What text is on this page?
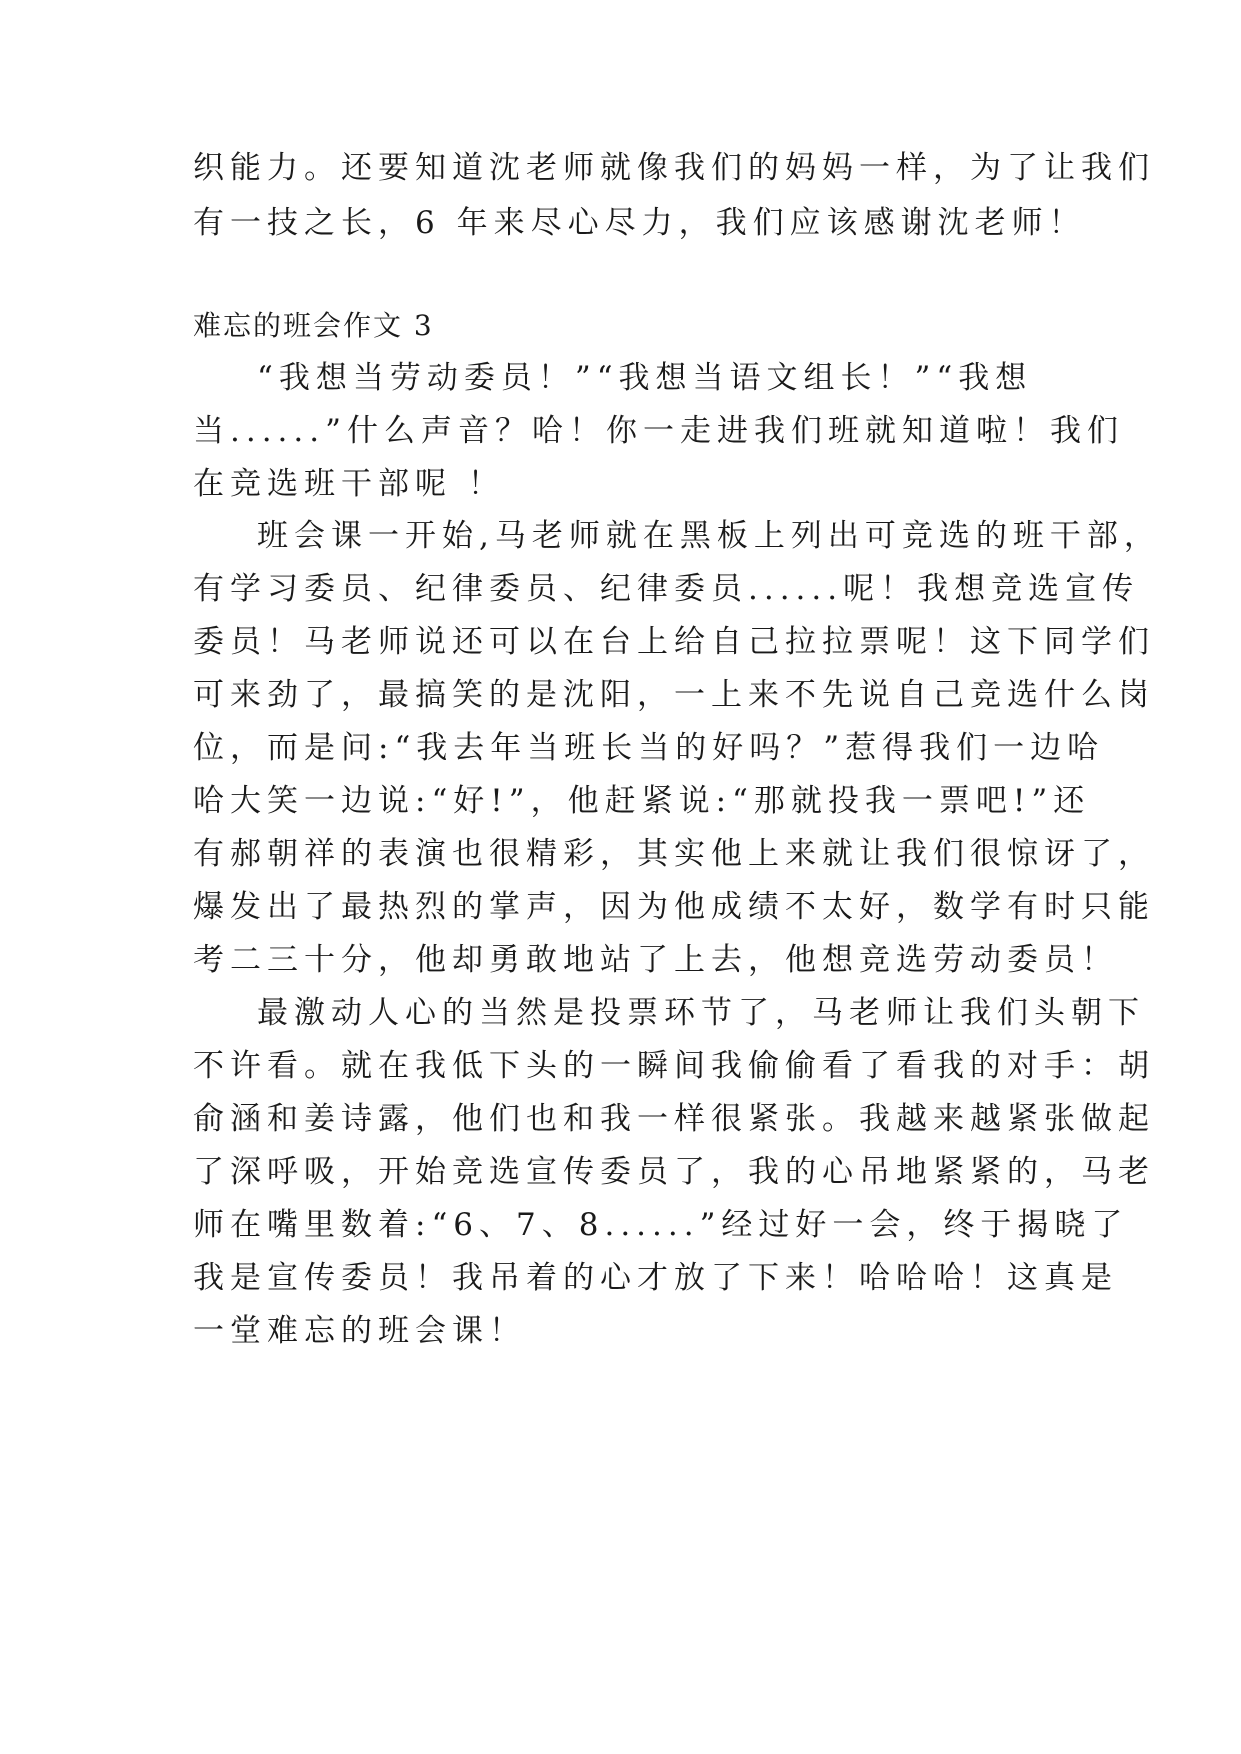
织能力。还要知道沈老师就像我们的妈妈一样，为了让我们
有一技之长，6 年来尽心尽力，我们应该感谢沈老师！
难忘的班会作文 3
“我想当劳动委员！”“我想当语文组长！”“我想
当......”什么声音？哈！你一走进我们班就知道啦！我们
在竞选班干部呢 ！
班会课一开始,马老师就在黑板上列出可竞选的班干部，
有学习委员、纪律委员、纪律委员......呢！我想竞选宣传
委员！马老师说还可以在台上给自己拉拉票呢！这下同学们
可来劲了，最搞笑的是沈阳，一上来不先说自己竞选什么岗
位，而是问:“我去年当班长当的好吗？”惹得我们一边哈
哈大笑一边说:“好!”，他赶紧说:“那就投我一票吧!”还
有郝朝祥的表演也很精彩，其实他上来就让我们很惊讶了，
爆发出了最热烈的掌声，因为他成绩不太好，数学有时只能
考二三十分，他却勇敢地站了上去，他想竞选劳动委员！
最激动人心的当然是投票环节了，马老师让我们头朝下
不许看。就在我低下头的一瞬间我偷偷看了看我的对手：胡
俞涵和姜诗露，他们也和我一样很紧张。我越来越紧张做起
了深呼吸，开始竞选宣传委员了，我的心吊地紧紧的，马老
师在嘴里数着:“6、7、8......”经过好一会，终于揭晓了
我是宣传委员！我吊着的心才放了下来！哈哈哈！这真是
一堂难忘的班会课！
